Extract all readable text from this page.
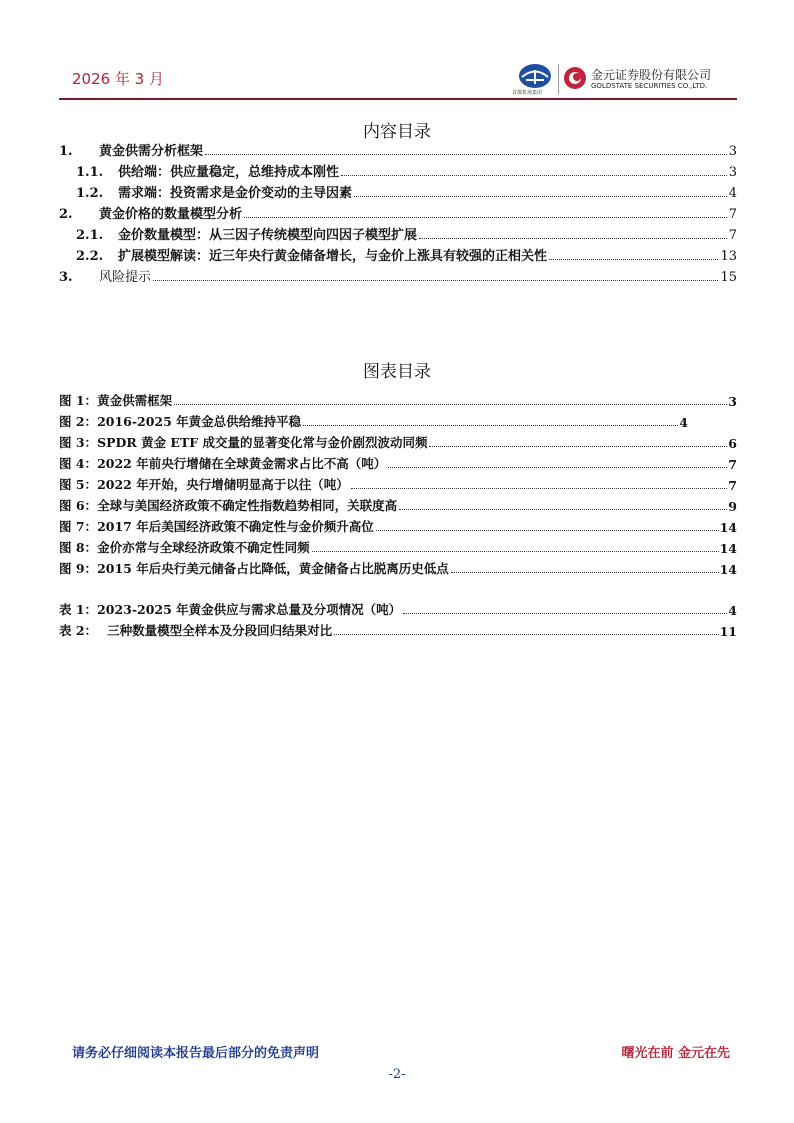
2026 年 3 月
首都机场集团
金元证券股份有限公司
GOLDSTATE SECURITIES CO.,LTD.
内容目录
1.	黄金供需分析框架	3
1.1.	供给端：供应量稳定，总维持成本刚性	3
1.2.	需求端：投资需求是金价变动的主导因素	4
2.	黄金价格的数量模型分析	7
2.1.	金价数量模型：从三因子传统模型向四因子模型扩展	7
2.2.	扩展模型解读：近三年央行黄金储备增长，与金价上涨具有较强的正相关性	13
3.	风险提示	15
图表目录
图 1： 黄金供需框架	3
图 2： 2016-2025 年黄金总供给维持平稳	4
图 3： SPDR 黄金 ETF 成交量的显著变化常与金价剧烈波动同频	6
图 4： 2022 年前央行增储在全球黄金需求占比不高（吨）	7
图 5： 2022 年开始，央行增储明显高于以往（吨）	7
图 6： 全球与美国经济政策不确定性指数趋势相同，关联度高	9
图 7： 2017 年后美国经济政策不确定性与金价频升高位	14
图 8： 金价亦常与全球经济政策不确定性同频	14
图 9： 2015 年后央行美元储备占比降低，黄金储备占比脱离历史低点	14
表 1： 2023-2025 年黄金供应与需求总量及分项情况（吨）	4
表 2： 三种数量模型全样本及分段回归结果对比	11
请务必仔细阅读本报告最后部分的免责声明	曙光在前 金元在先
-2-
